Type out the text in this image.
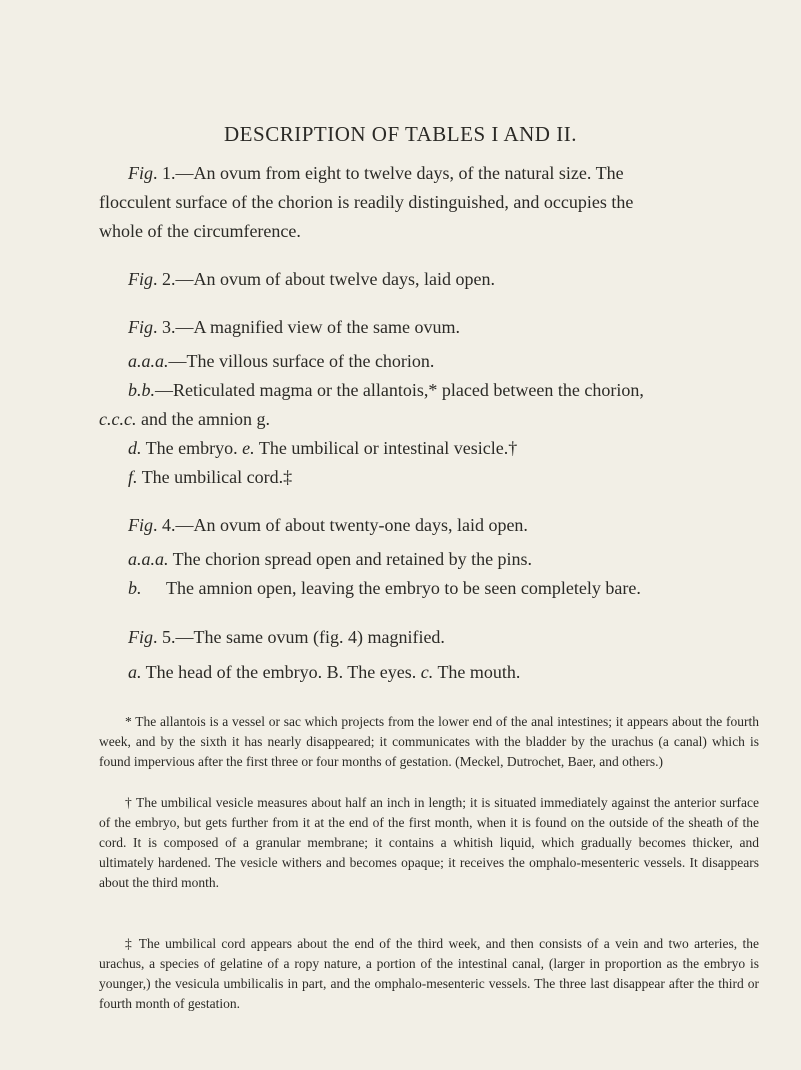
DESCRIPTION OF TABLES I AND II.

Fig. 1.—An ovum from eight to twelve days, of the natural size. The

flocculent surface of the chorion is readily distinguished, and occupies the

whole of the circumference.

Fig. 2.—An ovum of about twelve days, laid open.

Fig. 3.—A magnified view of the same ovum.

a.a.a.—The villous surface of the chorion.

b.b.—Reticulated magma or the allantois,* placed between the chorion,

c.c.c. and the amnion g.

d. The embryo. e. The umbilical or intestinal vesicle.†

f. The umbilical cord.‡

Fig. 4.—An ovum of about twenty-one days, laid open.

a.a.a. The chorion spread open and retained by the pins.

b. The amnion open, leaving the embryo to be seen completely bare.

Fig. 5.—The same ovum (fig. 4) magnified.

a. The head of the embryo. B. The eyes. c. The mouth.

* The allantois is a vessel or sac which projects from the lower end of the anal intestines; it appears about the fourth week, and by the sixth it has nearly disappeared; it communicates with the bladder by the urachus (a canal) which is found impervious after the first three or four months of gestation. (Meckel, Dutrochet, Baer, and others.)

† The umbilical vesicle measures about half an inch in length; it is situated immediately against the anterior surface of the embryo, but gets further from it at the end of the first month, when it is found on the outside of the sheath of the cord. It is composed of a granular membrane; it contains a whitish liquid, which gradually becomes thicker, and ultimately hardened. The vesicle withers and becomes opaque; it receives the omphalo-mesenteric vessels. It disappears about the third month.

‡ The umbilical cord appears about the end of the third week, and then consists of a vein and two arteries, the urachus, a species of gelatine of a ropy nature, a portion of the intestinal canal, (larger in proportion as the embryo is younger,) the vesicula umbilicalis in part, and the omphalo-mesenteric vessels. The three last disappear after the third or fourth month of gestation.
